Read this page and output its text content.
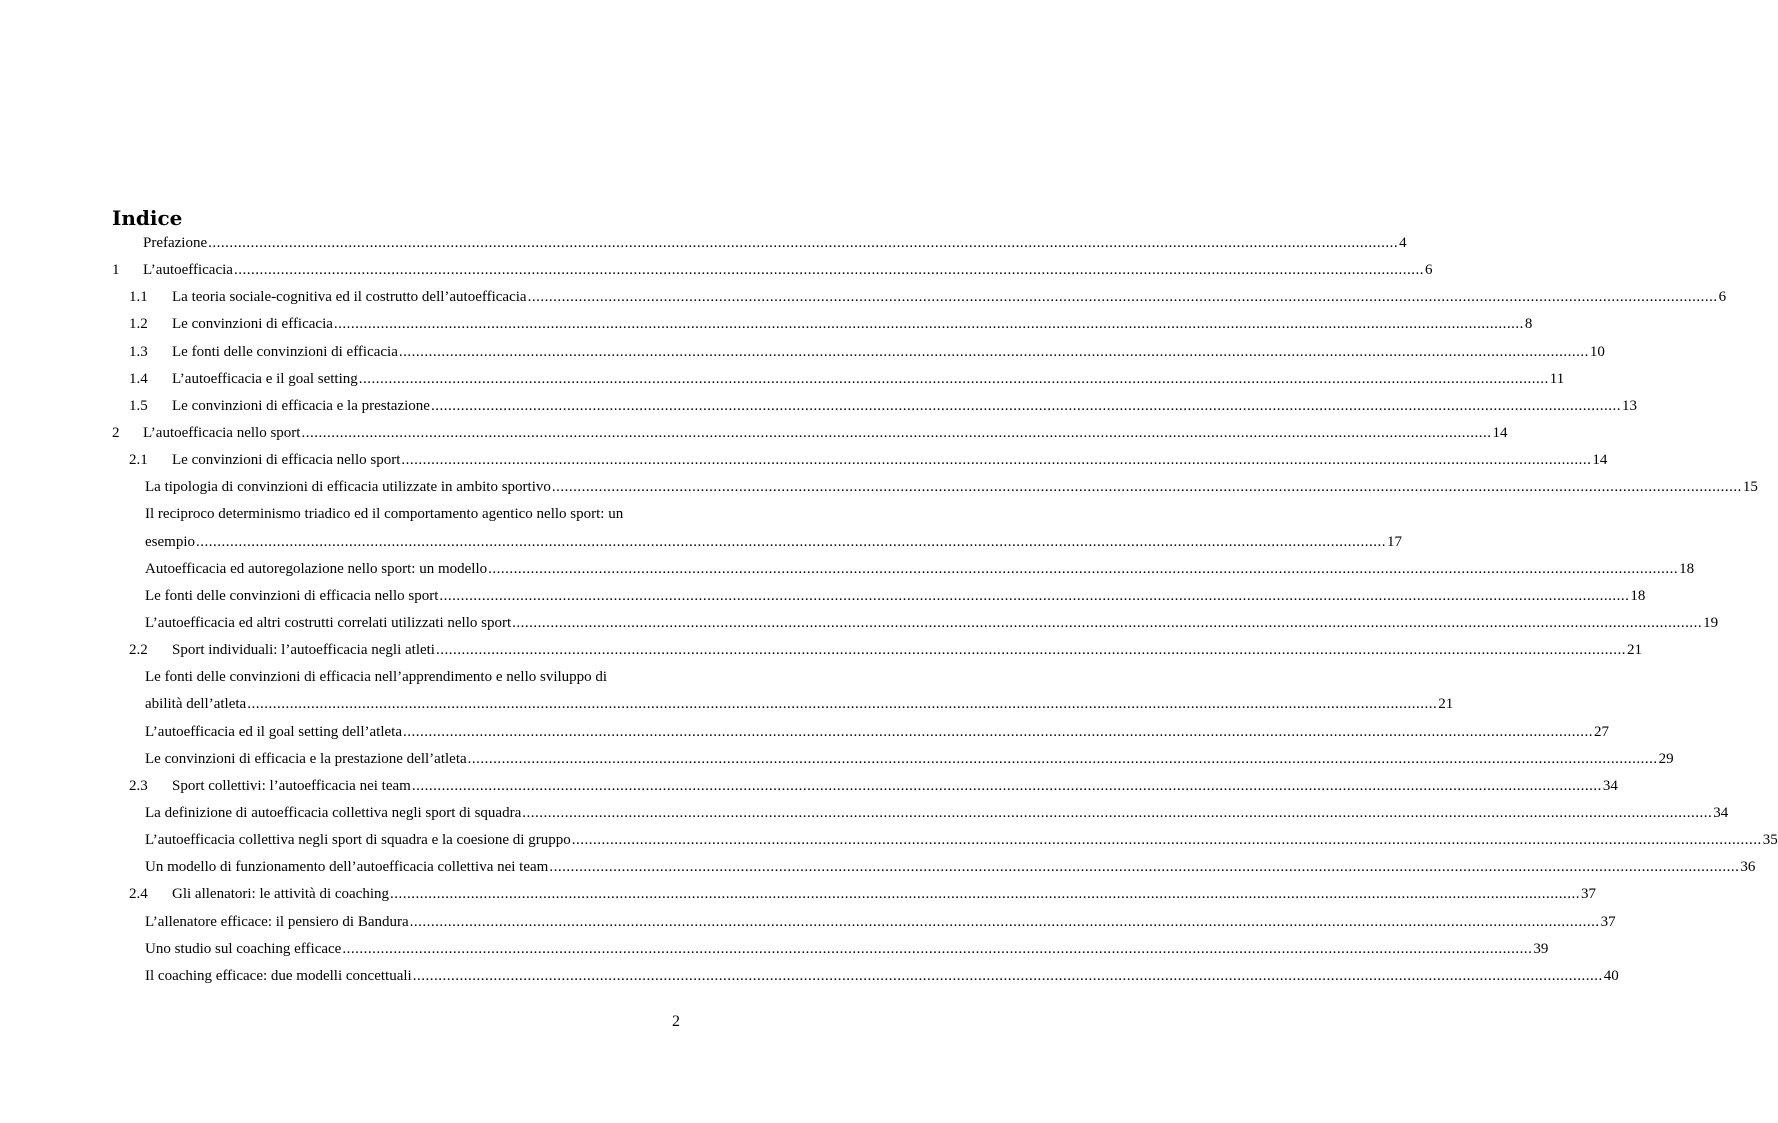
Indice
Prefazione .....	4
1	L’autoefficacia .....	6
1.1	La teoria sociale-cognitiva ed il costrutto dell’autoefficacia .....	6
1.2	Le convinzioni di efficacia .....	8
1.3	Le fonti delle convinzioni di efficacia .....	10
1.4	L’autoefficacia e il goal setting .....	11
1.5	Le convinzioni di efficacia e la prestazione .....	13
2	L’autoefficacia nello sport .....	14
2.1	Le convinzioni di efficacia nello sport .....	14
La tipologia di convinzioni di efficacia utilizzate in ambito sportivo .....	15
Il reciproco determinismo triadico ed il comportamento agentico nello sport: un
esempio .....	17
Autoefficacia ed autoregolazione nello sport: un modello .....	18
Le fonti delle convinzioni di efficacia nello sport .....	18
L’autoefficacia ed altri costrutti correlati utilizzati nello sport .....	19
2.2	Sport individuali: l’autoefficacia negli atleti .....	21
Le fonti delle convinzioni di efficacia nell’apprendimento e nello sviluppo di
abilità dell’atleta .....	21
L’autoefficacia ed il goal setting dell’atleta .....	27
Le convinzioni di efficacia e la prestazione dell’atleta .....	29
2.3	Sport collettivi: l’autoefficacia nei team .....	34
La definizione di autoefficacia collettiva negli sport di squadra .....	34
L’autoefficacia collettiva negli sport di squadra e la coesione di gruppo .....	35
Un modello di funzionamento dell’autoefficacia collettiva nei team .....	36
2.4	Gli allenatori: le attività di coaching .....	37
L’allenatore efficace: il pensiero di Bandura .....	37
Uno studio sul coaching efficace .....	39
Il coaching efficace: due modelli concettuali .....	40

2
